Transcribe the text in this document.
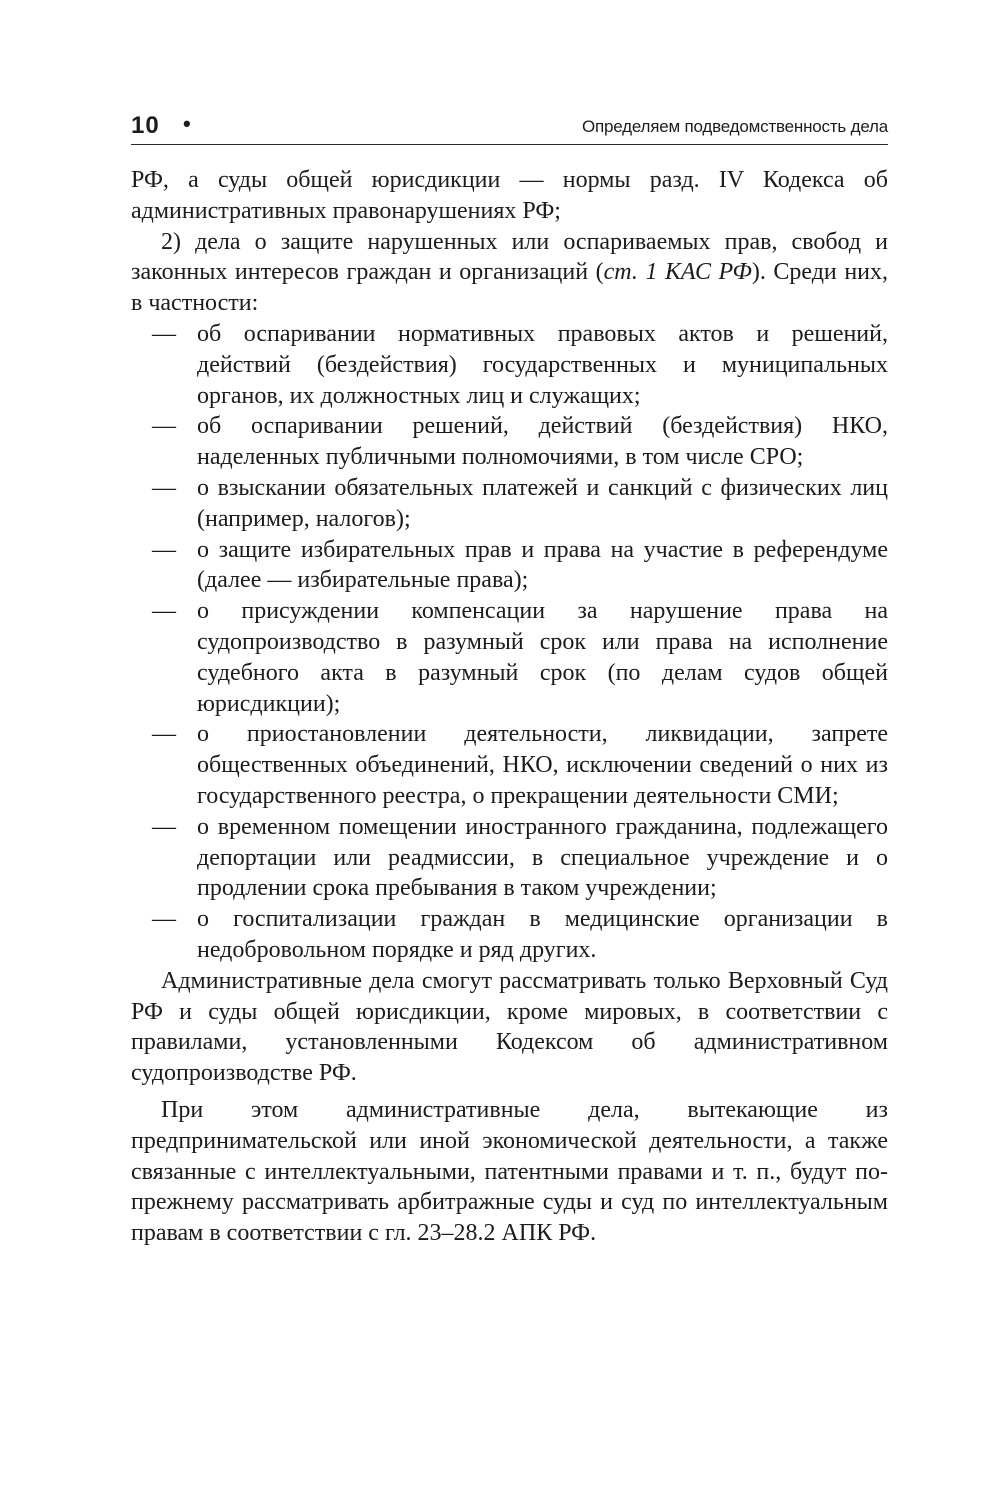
10 •	Определяем подведомственность дела

РФ, а суды общей юрисдикции — нормы разд. IV Кодекса об административных правонарушениях РФ;

2) дела о защите нарушенных или оспариваемых прав, свобод и законных интересов граждан и организаций (ст. 1 КАС РФ). Среди них, в частности:

— об оспаривании нормативных правовых актов и решений, действий (бездействия) государственных и муниципальных органов, их должностных лиц и служащих;
— об оспаривании решений, действий (бездействия) НКО, наделенных публичными полномочиями, в том числе СРО;
— о взыскании обязательных платежей и санкций с физических лиц (например, налогов);
— о защите избирательных прав и права на участие в референдуме (далее — избирательные права);
— о присуждении компенсации за нарушение права на судопроизводство в разумный срок или права на исполнение судебного акта в разумный срок (по делам судов общей юрисдикции);
— о приостановлении деятельности, ликвидации, запрете общественных объединений, НКО, исключении сведений о них из государственного реестра, о прекращении деятельности СМИ;
— о временном помещении иностранного гражданина, подлежащего депортации или реадмиссии, в специальное учреждение и о продлении срока пребывания в таком учреждении;
— о госпитализации граждан в медицинские организации в недобровольном порядке и ряд других.

Административные дела смогут рассматривать только Верховный Суд РФ и суды общей юрисдикции, кроме мировых, в соответствии с правилами, установленными Кодексом об административном судопроизводстве РФ.

При этом административные дела, вытекающие из предпринимательской или иной экономической деятельности, а также связанные с интеллектуальными, патентными правами и т. п., будут по-прежнему рассматривать арбитражные суды и суд по интеллектуальным правам в соответствии с гл. 23–28.2 АПК РФ.
